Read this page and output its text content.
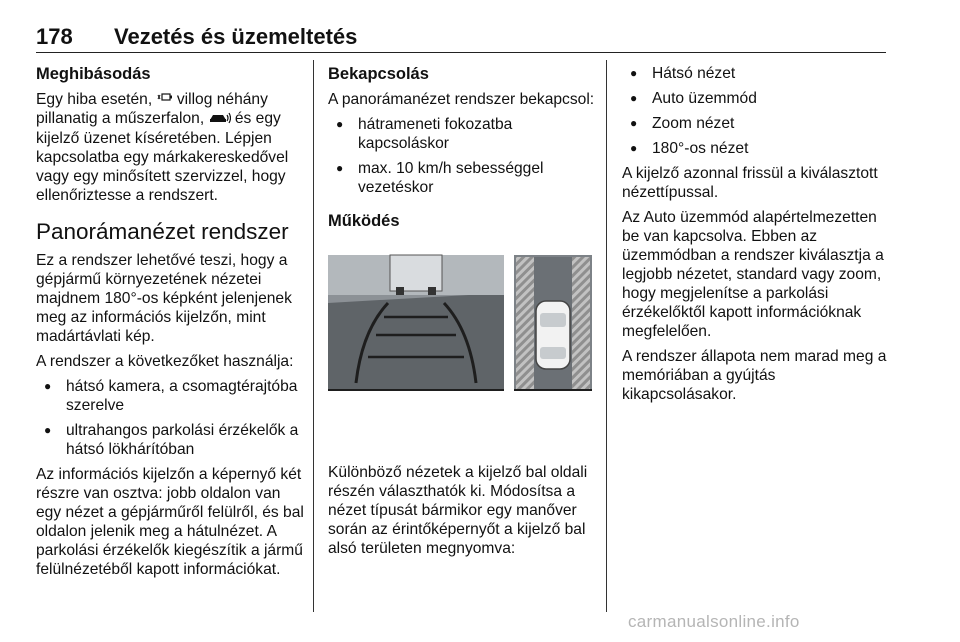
178 Vezetés és üzemeltetés
Meghibásodás

Egy hiba esetén, villog néhány pillanatig a műszerfalon, és egy kijelző üzenet kíséretében. Lépjen kapcsolatba egy márkakereskedővel vagy egy minősített szervizzel, hogy ellenőriztesse a rendszert.

Panorámanézet rendszer

Ez a rendszer lehetővé teszi, hogy a gépjármű környezetének nézetei majdnem 180°-os képként jelenjenek meg az információs kijelzőn, mint madártávlati kép.

A rendszer a következőket használja:

● hátsó kamera, a csomagtérajtóba szerelve
● ultrahangos parkolási érzékelők a hátsó lökhárítóban

Az információs kijelzőn a képernyő két részre van osztva: jobb oldalon van egy nézet a gépjárműről felülről, és bal oldalon jelenik meg a hátulnézet. A parkolási érzékelők kiegészítik a jármű felülnézetéből kapott információkat.

Bekapcsolás

A panorámanézet rendszer bekapcsol:

● hátrameneti fokozatba kapcsoláskor
● max. 10 km/h sebességgel vezetéskor
Működés

Különböző nézetek a kijelző bal oldali részén választhatók ki. Módosítsa a nézet típusát bármikor egy manőver során az érintőképernyőt a kijelző bal alsó területen megnyomva:

● Hátsó nézet
● Auto üzemmód
● Zoom nézet
● 180°-os nézet

A kijelző azonnal frissül a kiválasztott nézettípussal.

Az Auto üzemmód alapértelmezetten be van kapcsolva. Ebben az üzemmódban a rendszer kiválasztja a legjobb nézetet, standard vagy zoom, hogy megjelenítse a parkolási érzékelőktől kapott információknak megfelelően.

A rendszer állapota nem marad meg a memóriában a gyújtás kikapcsolásakor.

carmanualsonline.info
